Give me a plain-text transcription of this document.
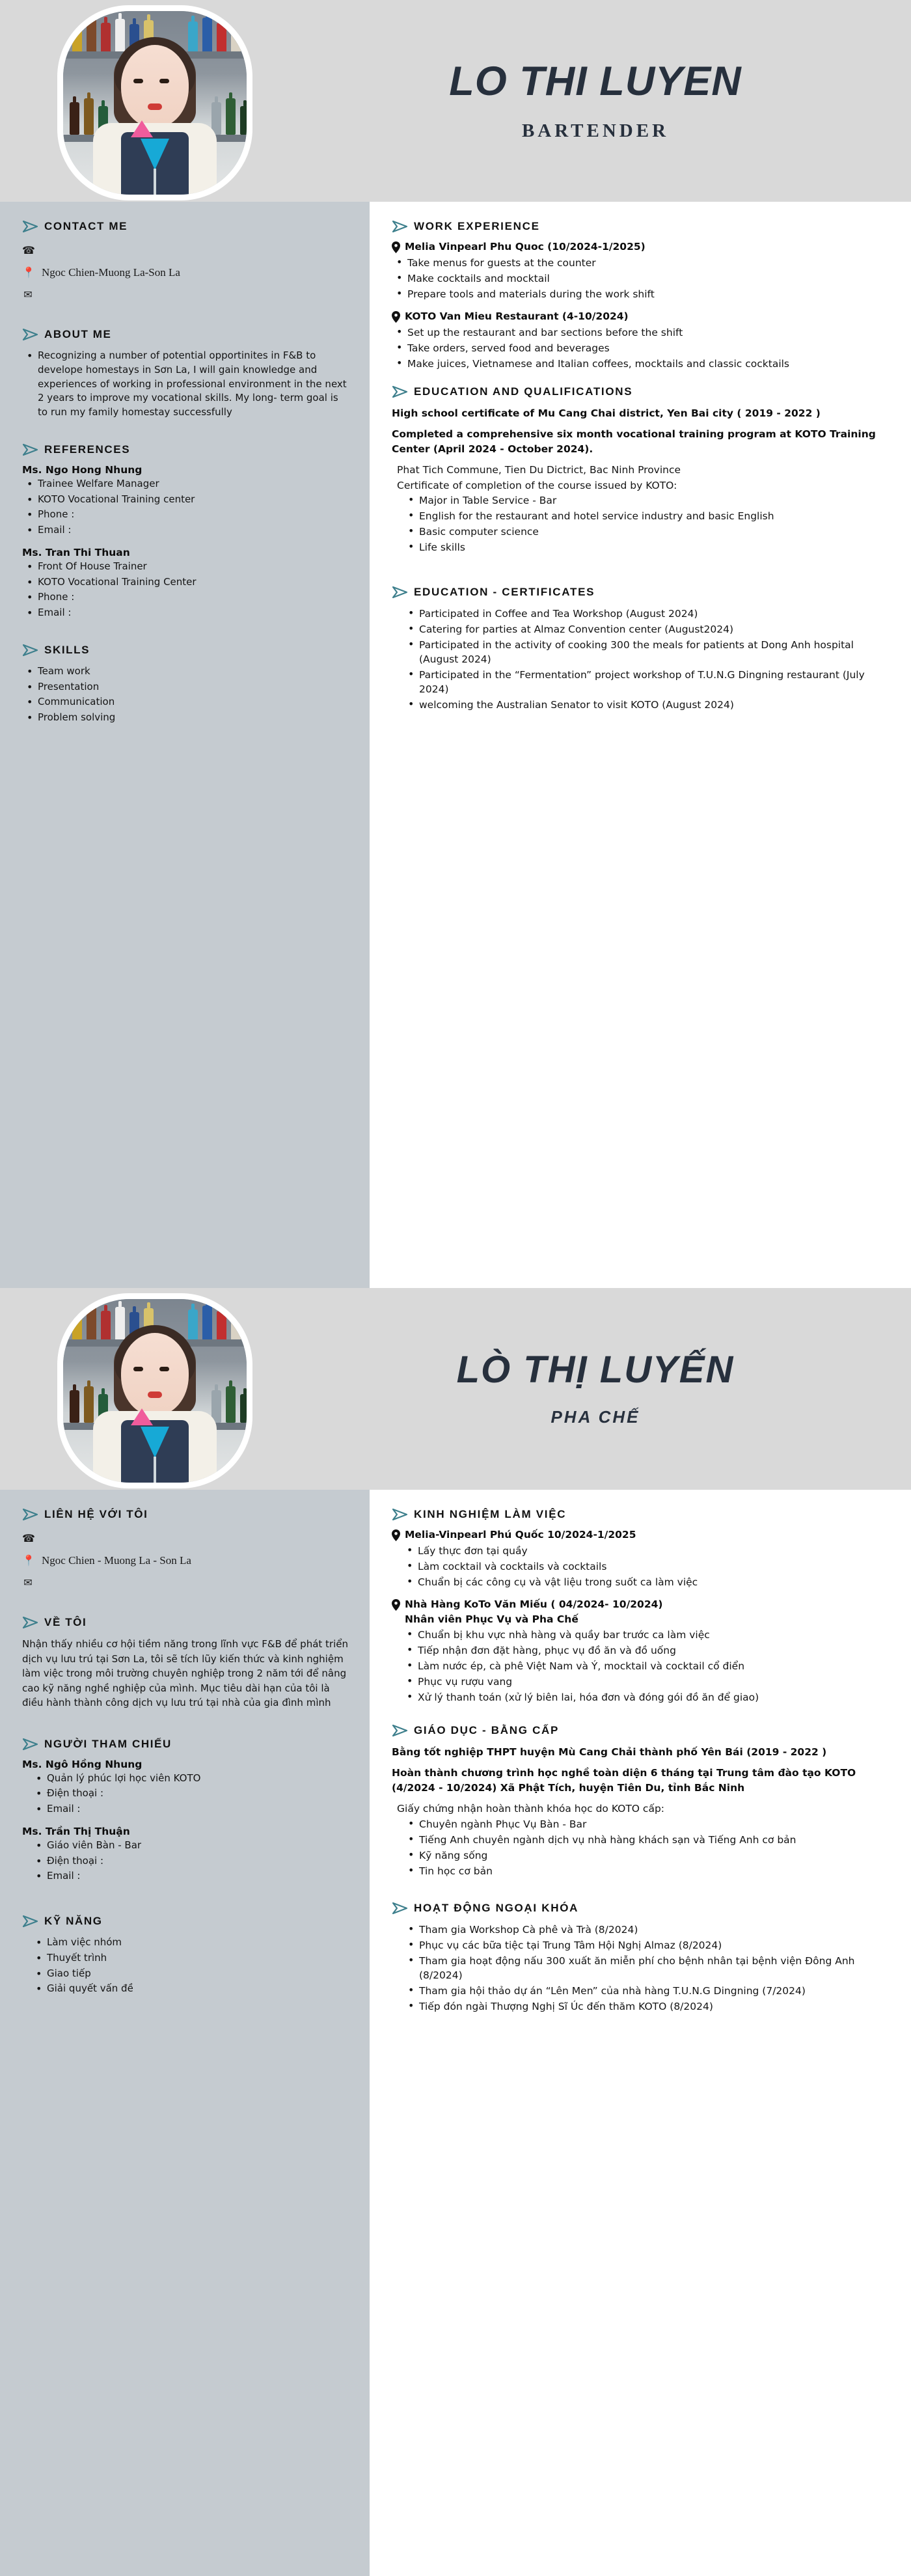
LO THI LUYEN
BARTENDER
CONTACT ME
☎
📍 Ngoc Chien-Muong La-Son La
✉
ABOUT ME
• Recognizing a number of potential opportinites in F&B to develope homestays in Sơn La, I will gain knowledge and experiences of working in professional environment in the next 2 years to improve my vocational skills. My long- term goal is to run my family homestay successfully
REFERENCES
Ms. Ngo Hong Nhung
• Trainee Welfare Manager
• KOTO Vocational Training center
• Phone :
• Email :
Ms. Tran Thi Thuan
• Front Of House Trainer
• KOTO Vocational Training Center
• Phone :
• Email :
SKILLS
• Team work
• Presentation
• Communication
• Problem solving
WORK EXPERIENCE
Melia Vinpearl Phu Quoc (10/2024-1/2025)
• Take menus for guests at the counter
• Make cocktails and mocktail
• Prepare tools and materials during the work shift
KOTO Van Mieu Restaurant (4-10/2024)
• Set up the restaurant and bar sections before the shift
• Take orders, served food and beverages
• Make juices, Vietnamese and Italian coffees, mocktails and classic cocktails
EDUCATION AND QUALIFICATIONS
High school certificate of Mu Cang Chai district, Yen Bai city ( 2019 - 2022 )
Completed a comprehensive six month vocational training program at KOTO Training Center (April 2024 - October 2024).
Phat Tich Commune, Tien Du Dictrict, Bac Ninh Province
Certificate of completion of the course issued by KOTO:
• Major in Table Service - Bar
• English for the restaurant and hotel service industry and basic English
• Basic computer science
• Life skills
EDUCATION - CERTIFICATES
• Participated in Coffee and Tea Workshop (August 2024)
• Catering for parties at Almaz Convention center (August2024)
• Participated in the activity of cooking 300 the meals for patients at Dong Anh hospital (August 2024)
• Participated in the “Fermentation” project workshop of T.U.N.G Dingning restaurant (July 2024)
• welcoming the Australian Senator to visit KOTO (August 2024)
LÒ THỊ LUYẾN
PHA CHẾ
LIÊN HỆ VỚI TÔI
☎
📍 Ngoc Chien - Muong La - Son La
✉
VỀ TÔI
Nhận thấy nhiều cơ hội tiềm năng trong lĩnh vực F&B để phát triển dịch vụ lưu trú tại Sơn La, tôi sẽ tích lũy kiến thức và kinh nghiệm làm việc trong môi trường chuyên nghiệp trong 2 năm tới để nâng cao kỹ năng nghề nghiệp của mình. Mục tiêu dài hạn của tôi là điều hành thành công dịch vụ lưu trú tại nhà của gia đình mình
NGƯỜI THAM CHIẾU
Ms. Ngô Hồng Nhung
• Quản lý phúc lợi học viên KOTO
• Điện thoại :
• Email :
Ms. Trần Thị Thuận
• Giáo viên Bàn - Bar
• Điện thoại :
• Email :
KỸ NĂNG
• Làm việc nhóm
• Thuyết trình
• Giao tiếp
• Giải quyết vấn đề
KINH NGHIỆM LÀM VIỆC
Melia-Vinpearl Phú Quốc 10/2024-1/2025
• Lấy thực đơn tại quầy
• Làm cocktail và cocktails và cocktails
• Chuẩn bị các công cụ và vật liệu trong suốt ca làm việc
Nhà Hàng KoTo Văn Miếu ( 04/2024- 10/2024)
Nhân viên Phục Vụ và Pha Chế
• Chuẩn bị khu vực nhà hàng và quầy bar trước ca làm việc
• Tiếp nhận đơn đặt hàng, phục vụ đồ ăn và đồ uống
• Làm nước ép, cà phê Việt Nam và Ý, mocktail và cocktail cổ điển
• Phục vụ rượu vang
• Xử lý thanh toán (xử lý biên lai, hóa đơn và đóng gói đồ ăn để giao)
GIÁO DỤC - BẰNG CẤP
Bằng tốt nghiệp THPT huyện Mù Cang Chải thành phố Yên Bái (2019 - 2022 )
Hoàn thành chương trình học nghề toàn diện 6 tháng tại Trung tâm đào tạo KOTO (4/2024 - 10/2024) Xã Phật Tích, huyện Tiên Du, tỉnh Bắc Ninh
Giấy chứng nhận hoàn thành khóa học do KOTO cấp:
• Chuyên ngành Phục Vụ Bàn - Bar
• Tiếng Anh chuyên ngành dịch vụ nhà hàng khách sạn và Tiếng Anh cơ bản
• Kỹ năng sống
• Tin học cơ bản
HOẠT ĐỘNG NGOẠI KHÓA
• Tham gia Workshop Cà phê và Trà (8/2024)
• Phục vụ các bữa tiệc tại Trung Tâm Hội Nghị Almaz (8/2024)
• Tham gia hoạt động nấu 300 xuất ăn miễn phí cho bệnh nhân tại bệnh viện Đông Anh (8/2024)
• Tham gia hội thảo dự án “Lên Men” của nhà hàng T.U.N.G Dingning (7/2024)
• Tiếp đón ngài Thượng Nghị Sĩ Úc đến thăm KOTO (8/2024)
